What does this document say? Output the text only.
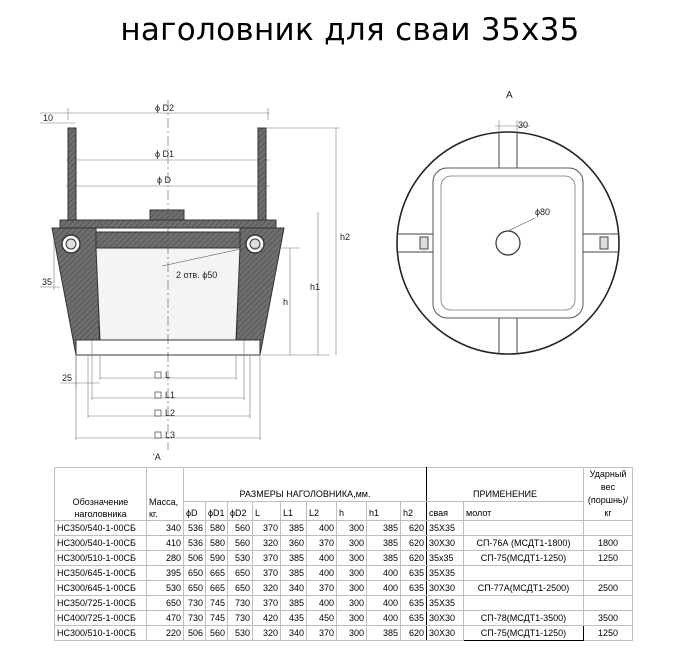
наголовник для сваи 35х35
ϕ D2
ϕ D1
ϕ D
10
35
25
2 отв. ϕ50
h
h1
h2
L
L1
L2
L3
'A
А
30
ϕ80
Обозначение наголовника	Масса, кг.	РАЗМЕРЫ НАГОЛОВНИКА,мм.									ПРИМЕНЕНИЕ		Ударный вес (поршнь)/ кг
		ϕD	ϕD1	ϕD2	L	L1	L2	h	h1	h2	свая	молот	
НС350/540-1-00СБ	340	536	580	560	370	385	400	300	385	620	35Х35		
НС300/540-1-00СБ	410	536	580	560	320	360	370	300	385	620	30Х30	СП-76А (МСДТ1-1800)	1800
НС300/510-1-00СБ	280	506	590	530	370	385	400	300	385	620	35х35	СП-75(МСДТ1-1250)	1250
НС350/645-1-00СБ	395	650	665	650	370	385	400	300	400	635	35Х35		
НС300/645-1-00СБ	530	650	665	650	320	340	370	300	400	635	30Х30	СП-77А(МСДТ1-2500)	2500
НС350/725-1-00СБ	650	730	745	730	370	385	400	300	400	635	35Х35		
НС400/725-1-00СБ	470	730	745	730	420	435	450	300	400	635	30Х30	СП-78(МСДТ1-3500)	3500
НС300/510-1-00СБ	220	506	560	530	320	340	370	300	385	620	30Х30	СП-75(МСДТ1-1250)	1250
